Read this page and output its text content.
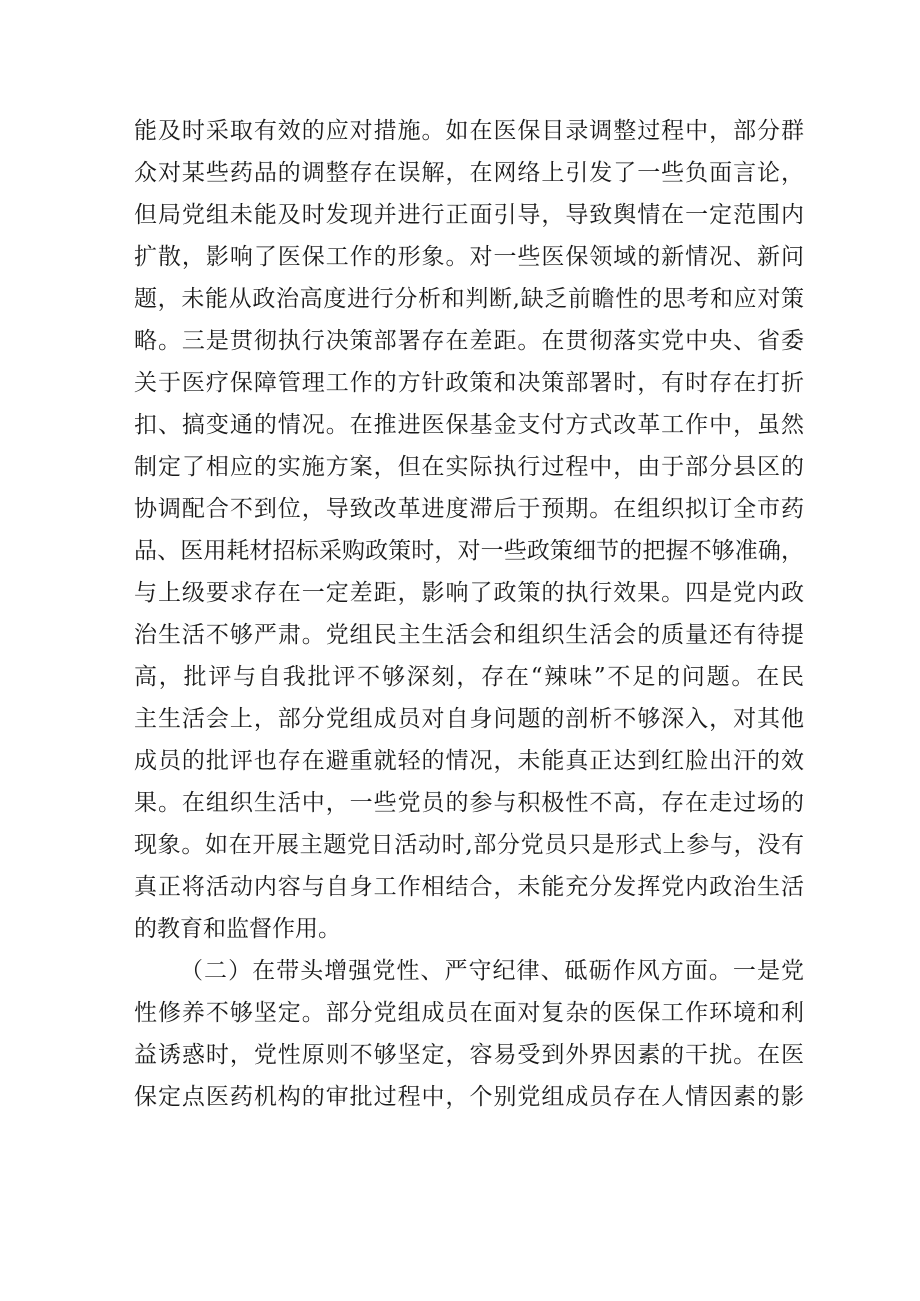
能及时采取有效的应对措施。如在医保目录调整过程中，部分群
众对某些药品的调整存在误解，在网络上引发了一些负面言论，
但局党组未能及时发现并进行正面引导，导致舆情在一定范围内
扩散，影响了医保工作的形象。对一些医保领域的新情况、新问
题，未能从政治高度进行分析和判断,缺乏前瞻性的思考和应对策
略。三是贯彻执行决策部署存在差距。在贯彻落实党中央、省委
关于医疗保障管理工作的方针政策和决策部署时，有时存在打折
扣、搞变通的情况。在推进医保基金支付方式改革工作中，虽然
制定了相应的实施方案，但在实际执行过程中，由于部分县区的
协调配合不到位，导致改革进度滞后于预期。在组织拟订全市药
品、医用耗材招标采购政策时，对一些政策细节的把握不够准确，
与上级要求存在一定差距，影响了政策的执行效果。四是党内政
治生活不够严肃。党组民主生活会和组织生活会的质量还有待提
高，批评与自我批评不够深刻，存在“辣味”不足的问题。在民
主生活会上，部分党组成员对自身问题的剖析不够深入，对其他
成员的批评也存在避重就轻的情况，未能真正达到红脸出汗的效
果。在组织生活中，一些党员的参与积极性不高，存在走过场的
现象。如在开展主题党日活动时,部分党员只是形式上参与，没有
真正将活动内容与自身工作相结合，未能充分发挥党内政治生活
的教育和监督作用。
（二）在带头增强党性、严守纪律、砥砺作风方面。一是党
性修养不够坚定。部分党组成员在面对复杂的医保工作环境和利
益诱惑时，党性原则不够坚定，容易受到外界因素的干扰。在医
保定点医药机构的审批过程中，个别党组成员存在人情因素的影
